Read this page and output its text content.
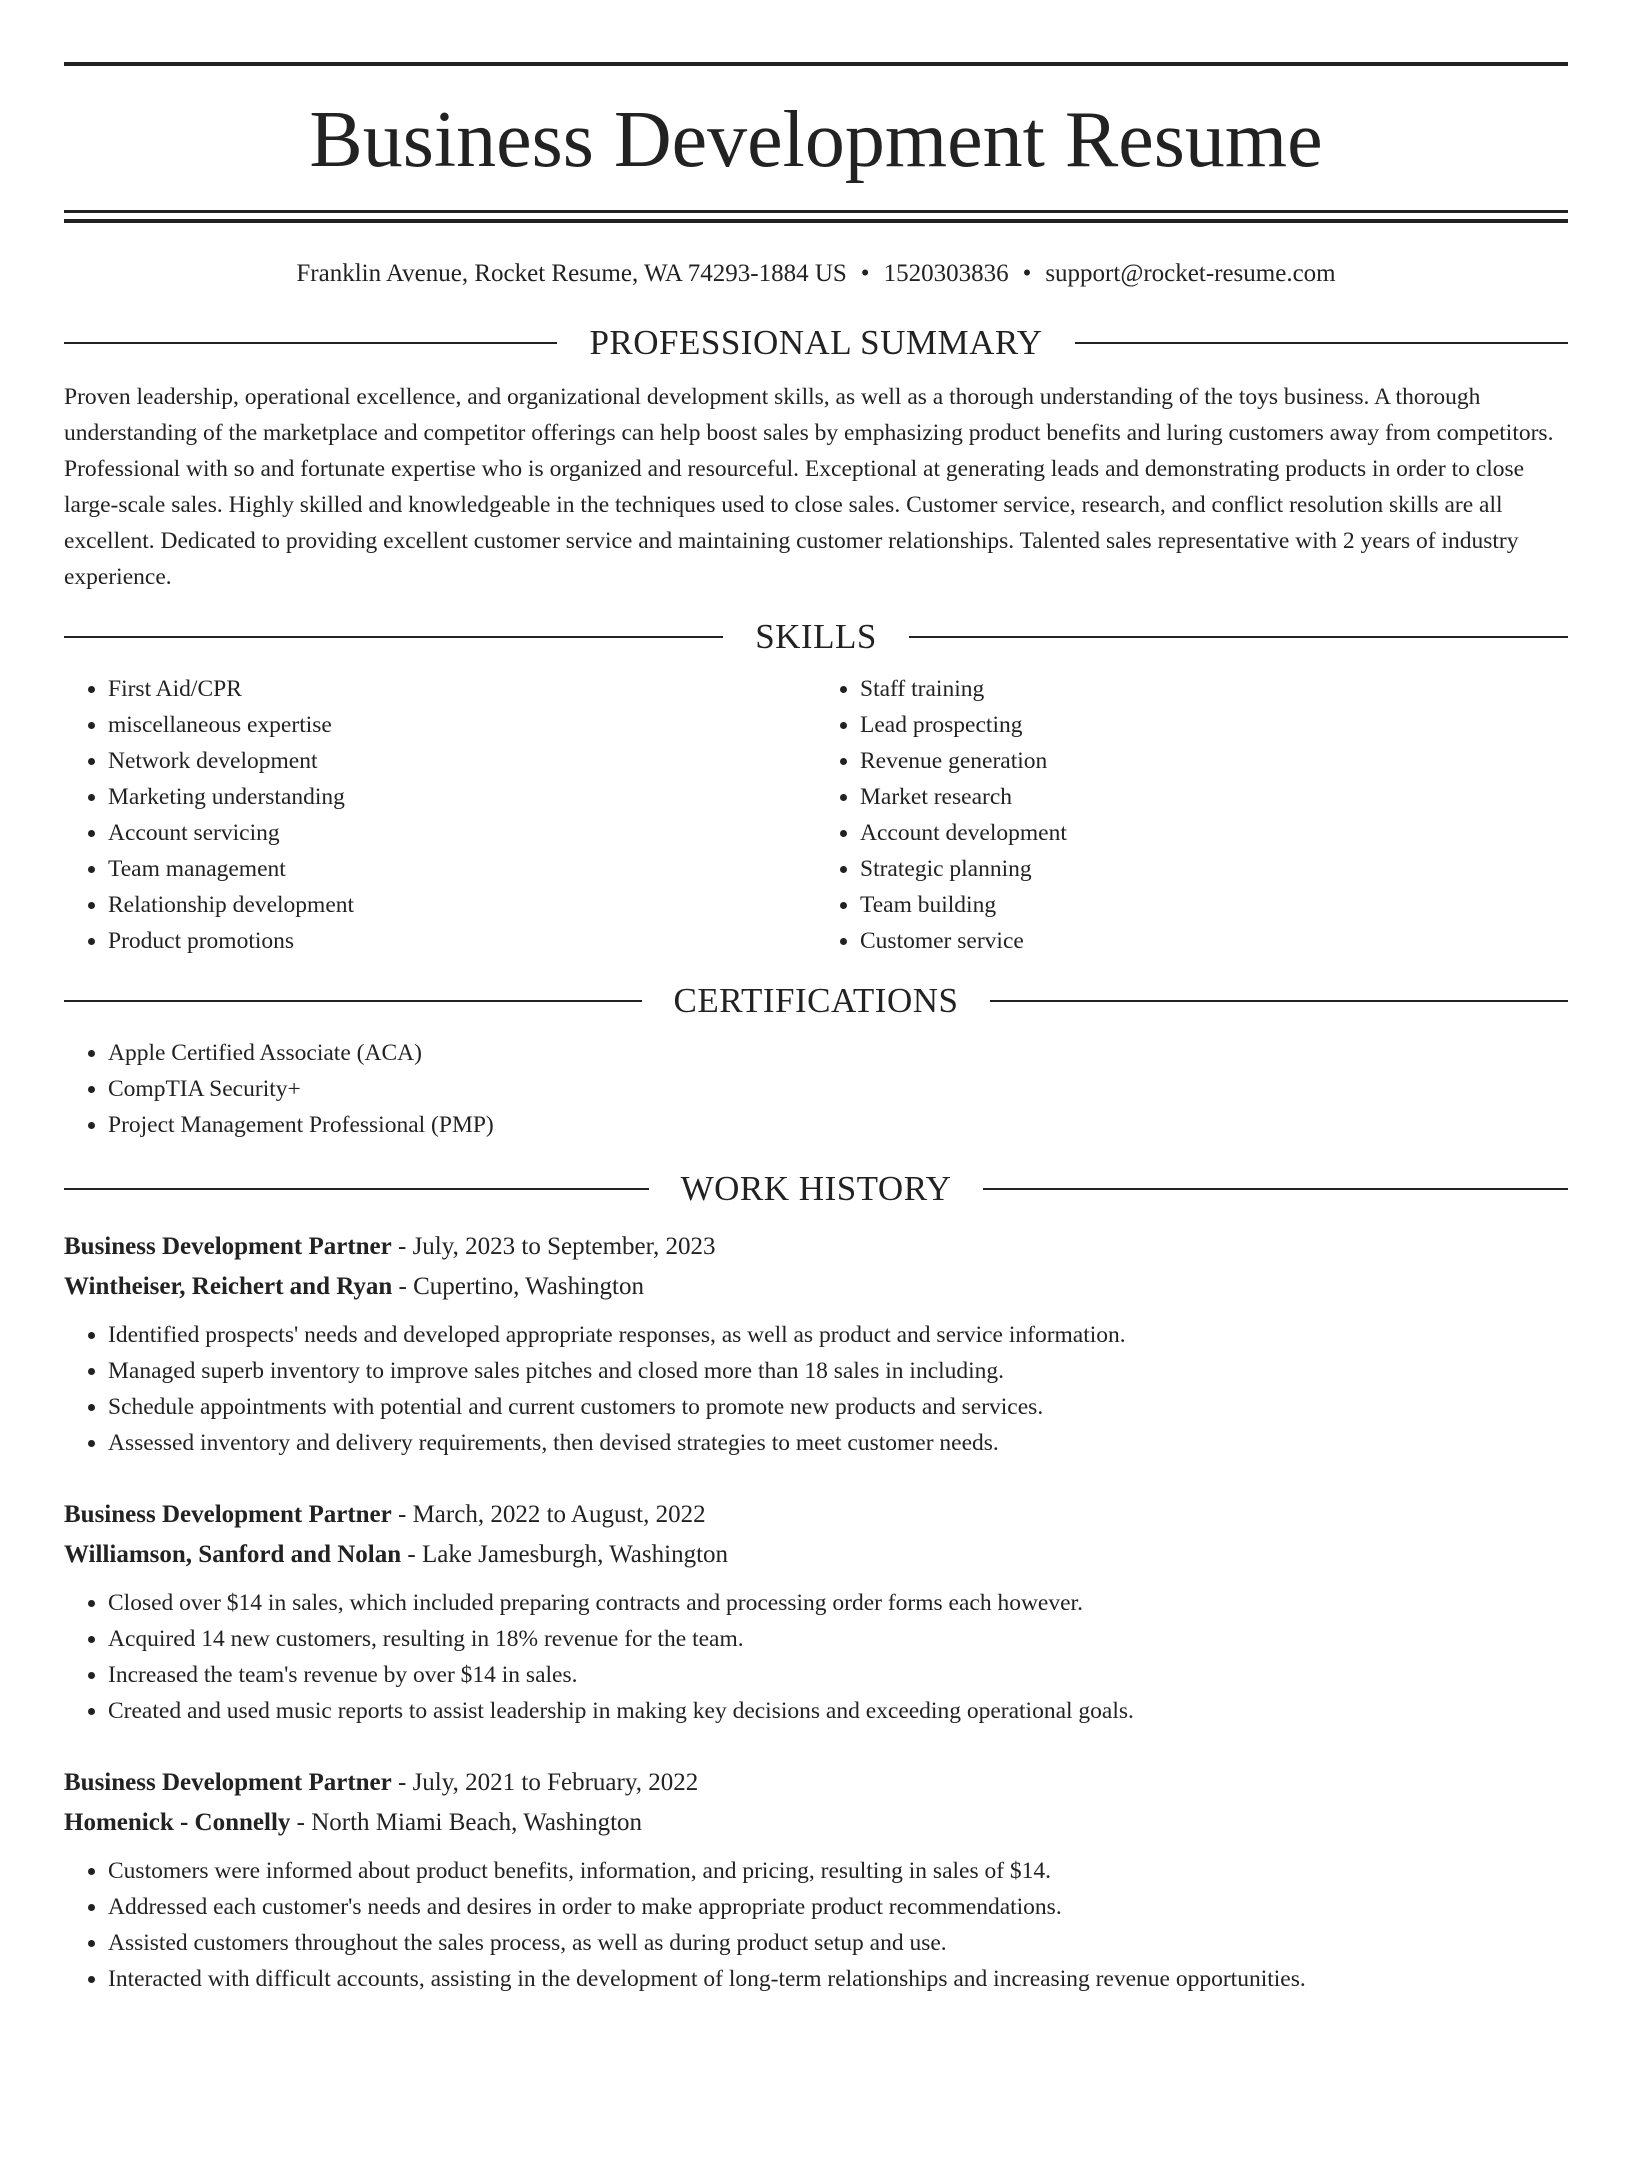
Business Development Resume
Franklin Avenue, Rocket Resume, WA 74293-1884 US • 1520303836 • support@rocket-resume.com
PROFESSIONAL SUMMARY

Proven leadership, operational excellence, and organizational development skills, as well as a thorough understanding of the toys business. A thorough understanding of the marketplace and competitor offerings can help boost sales by emphasizing product benefits and luring customers away from competitors. Professional with so and fortunate expertise who is organized and resourceful. Exceptional at generating leads and demonstrating products in order to close large-scale sales. Highly skilled and knowledgeable in the techniques used to close sales. Customer service, research, and conflict resolution skills are all excellent. Dedicated to providing excellent customer service and maintaining customer relationships. Talented sales representative with 2 years of industry experience.

SKILLS
• First Aid/CPR
• miscellaneous expertise
• Network development
• Marketing understanding
• Account servicing
• Team management
• Relationship development
• Product promotions
• Staff training
• Lead prospecting
• Revenue generation
• Market research
• Account development
• Strategic planning
• Team building
• Customer service
CERTIFICATIONS
• Apple Certified Associate (ACA)
• CompTIA Security+
• Project Management Professional (PMP)
WORK HISTORY
Business Development Partner - July, 2023 to September, 2023
Wintheiser, Reichert and Ryan - Cupertino, Washington
• Identified prospects' needs and developed appropriate responses, as well as product and service information.
• Managed superb inventory to improve sales pitches and closed more than 18 sales in including.
• Schedule appointments with potential and current customers to promote new products and services.
• Assessed inventory and delivery requirements, then devised strategies to meet customer needs.
Business Development Partner - March, 2022 to August, 2022
Williamson, Sanford and Nolan - Lake Jamesburgh, Washington
• Closed over $14 in sales, which included preparing contracts and processing order forms each however.
• Acquired 14 new customers, resulting in 18% revenue for the team.
• Increased the team's revenue by over $14 in sales.
• Created and used music reports to assist leadership in making key decisions and exceeding operational goals.
Business Development Partner - July, 2021 to February, 2022
Homenick - Connelly - North Miami Beach, Washington
• Customers were informed about product benefits, information, and pricing, resulting in sales of $14.
• Addressed each customer's needs and desires in order to make appropriate product recommendations.
• Assisted customers throughout the sales process, as well as during product setup and use.
• Interacted with difficult accounts, assisting in the development of long-term relationships and increasing revenue opportunities.
